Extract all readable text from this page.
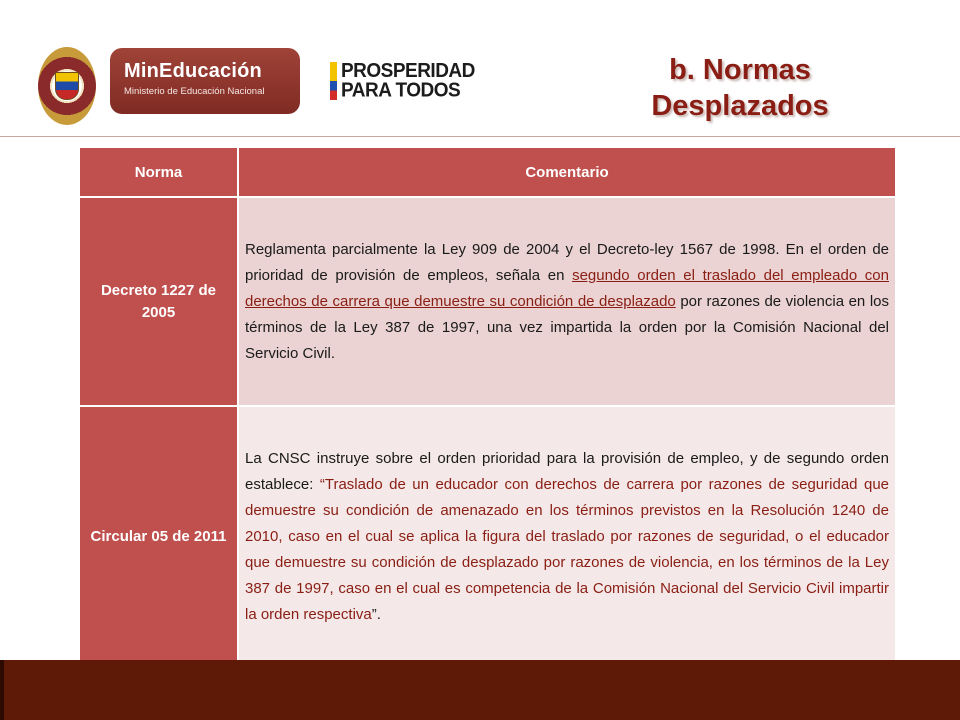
MinEducación
Ministerio de Educación Nacional
PROSPERIDAD
PARA TODOS
b. Normas
Desplazados
Norma	Comentario
Decreto 1227 de 2005	Reglamenta parcialmente la Ley 909 de 2004 y el Decreto-ley 1567 de 1998. En el orden de prioridad de provisión de empleos, señala en segundo orden el traslado del empleado con derechos de carrera que demuestre su condición de desplazado por razones de violencia en los términos de la Ley 387 de 1997, una vez impartida la orden por la Comisión Nacional del Servicio Civil.
Circular 05 de 2011	La CNSC instruye sobre el orden prioridad para la provisión de empleo, y de segundo orden establece: “Traslado de un educador con derechos de carrera por razones de seguridad que demuestre su condición de amenazado en los términos previstos en la Resolución 1240 de 2010, caso en el cual se aplica la figura del traslado por razones de seguridad, o el educador que demuestre su condición de desplazado por razones de violencia, en los términos de la Ley 387 de 1997, caso en el cual es competencia de la Comisión Nacional del Servicio Civil impartir la orden respectiva”.
